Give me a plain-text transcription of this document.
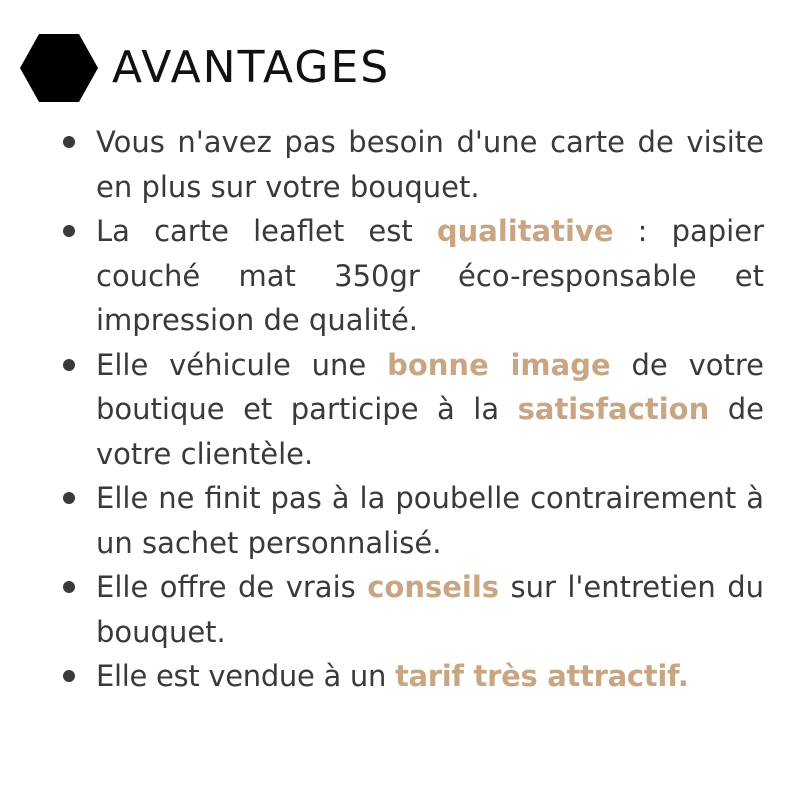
AVANTAGES
Vous n'avez pas besoin d'une carte de visite en plus sur votre bouquet.
La carte leaflet est qualitative : papier couché mat 350gr éco-responsable et impression de qualité.
Elle véhicule une bonne image de votre boutique et participe à la satisfaction de votre clientèle.
Elle ne finit pas à la poubelle contrairement à un sachet personnalisé.
Elle offre de vrais conseils sur l'entretien du bouquet.
Elle est vendue à un tarif très attractif.
